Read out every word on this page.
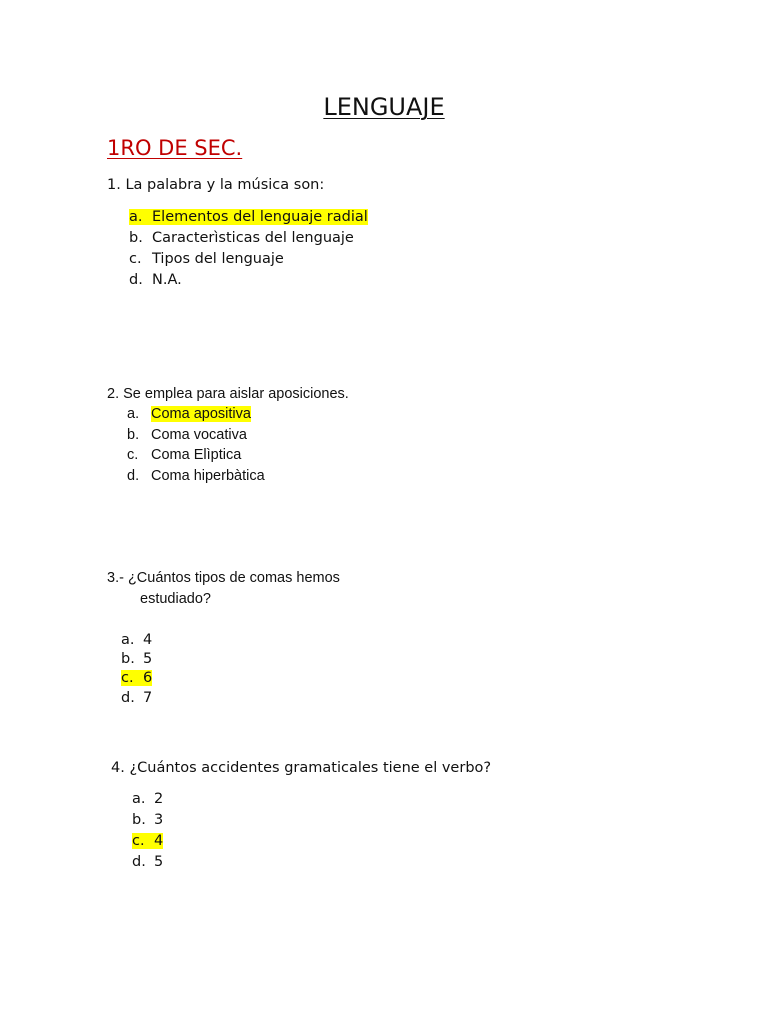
LENGUAJE
1RO DE SEC.
1. La palabra y la música son:
a. Elementos del lenguaje radial
b. Caracterìsticas del lenguaje
c. Tipos del lenguaje
d. N.A.
2. Se emplea para aislar aposiciones.
a. Coma apositiva
b. Coma vocativa
c. Coma Elìptica
d. Coma hiperbàtica
3.- ¿Cuántos tipos de comas hemos
estudiado?
a. 4
b. 5
c. 6
d. 7
4. ¿Cuántos accidentes gramaticales tiene el verbo?
a. 2
b. 3
c. 4
d. 5
